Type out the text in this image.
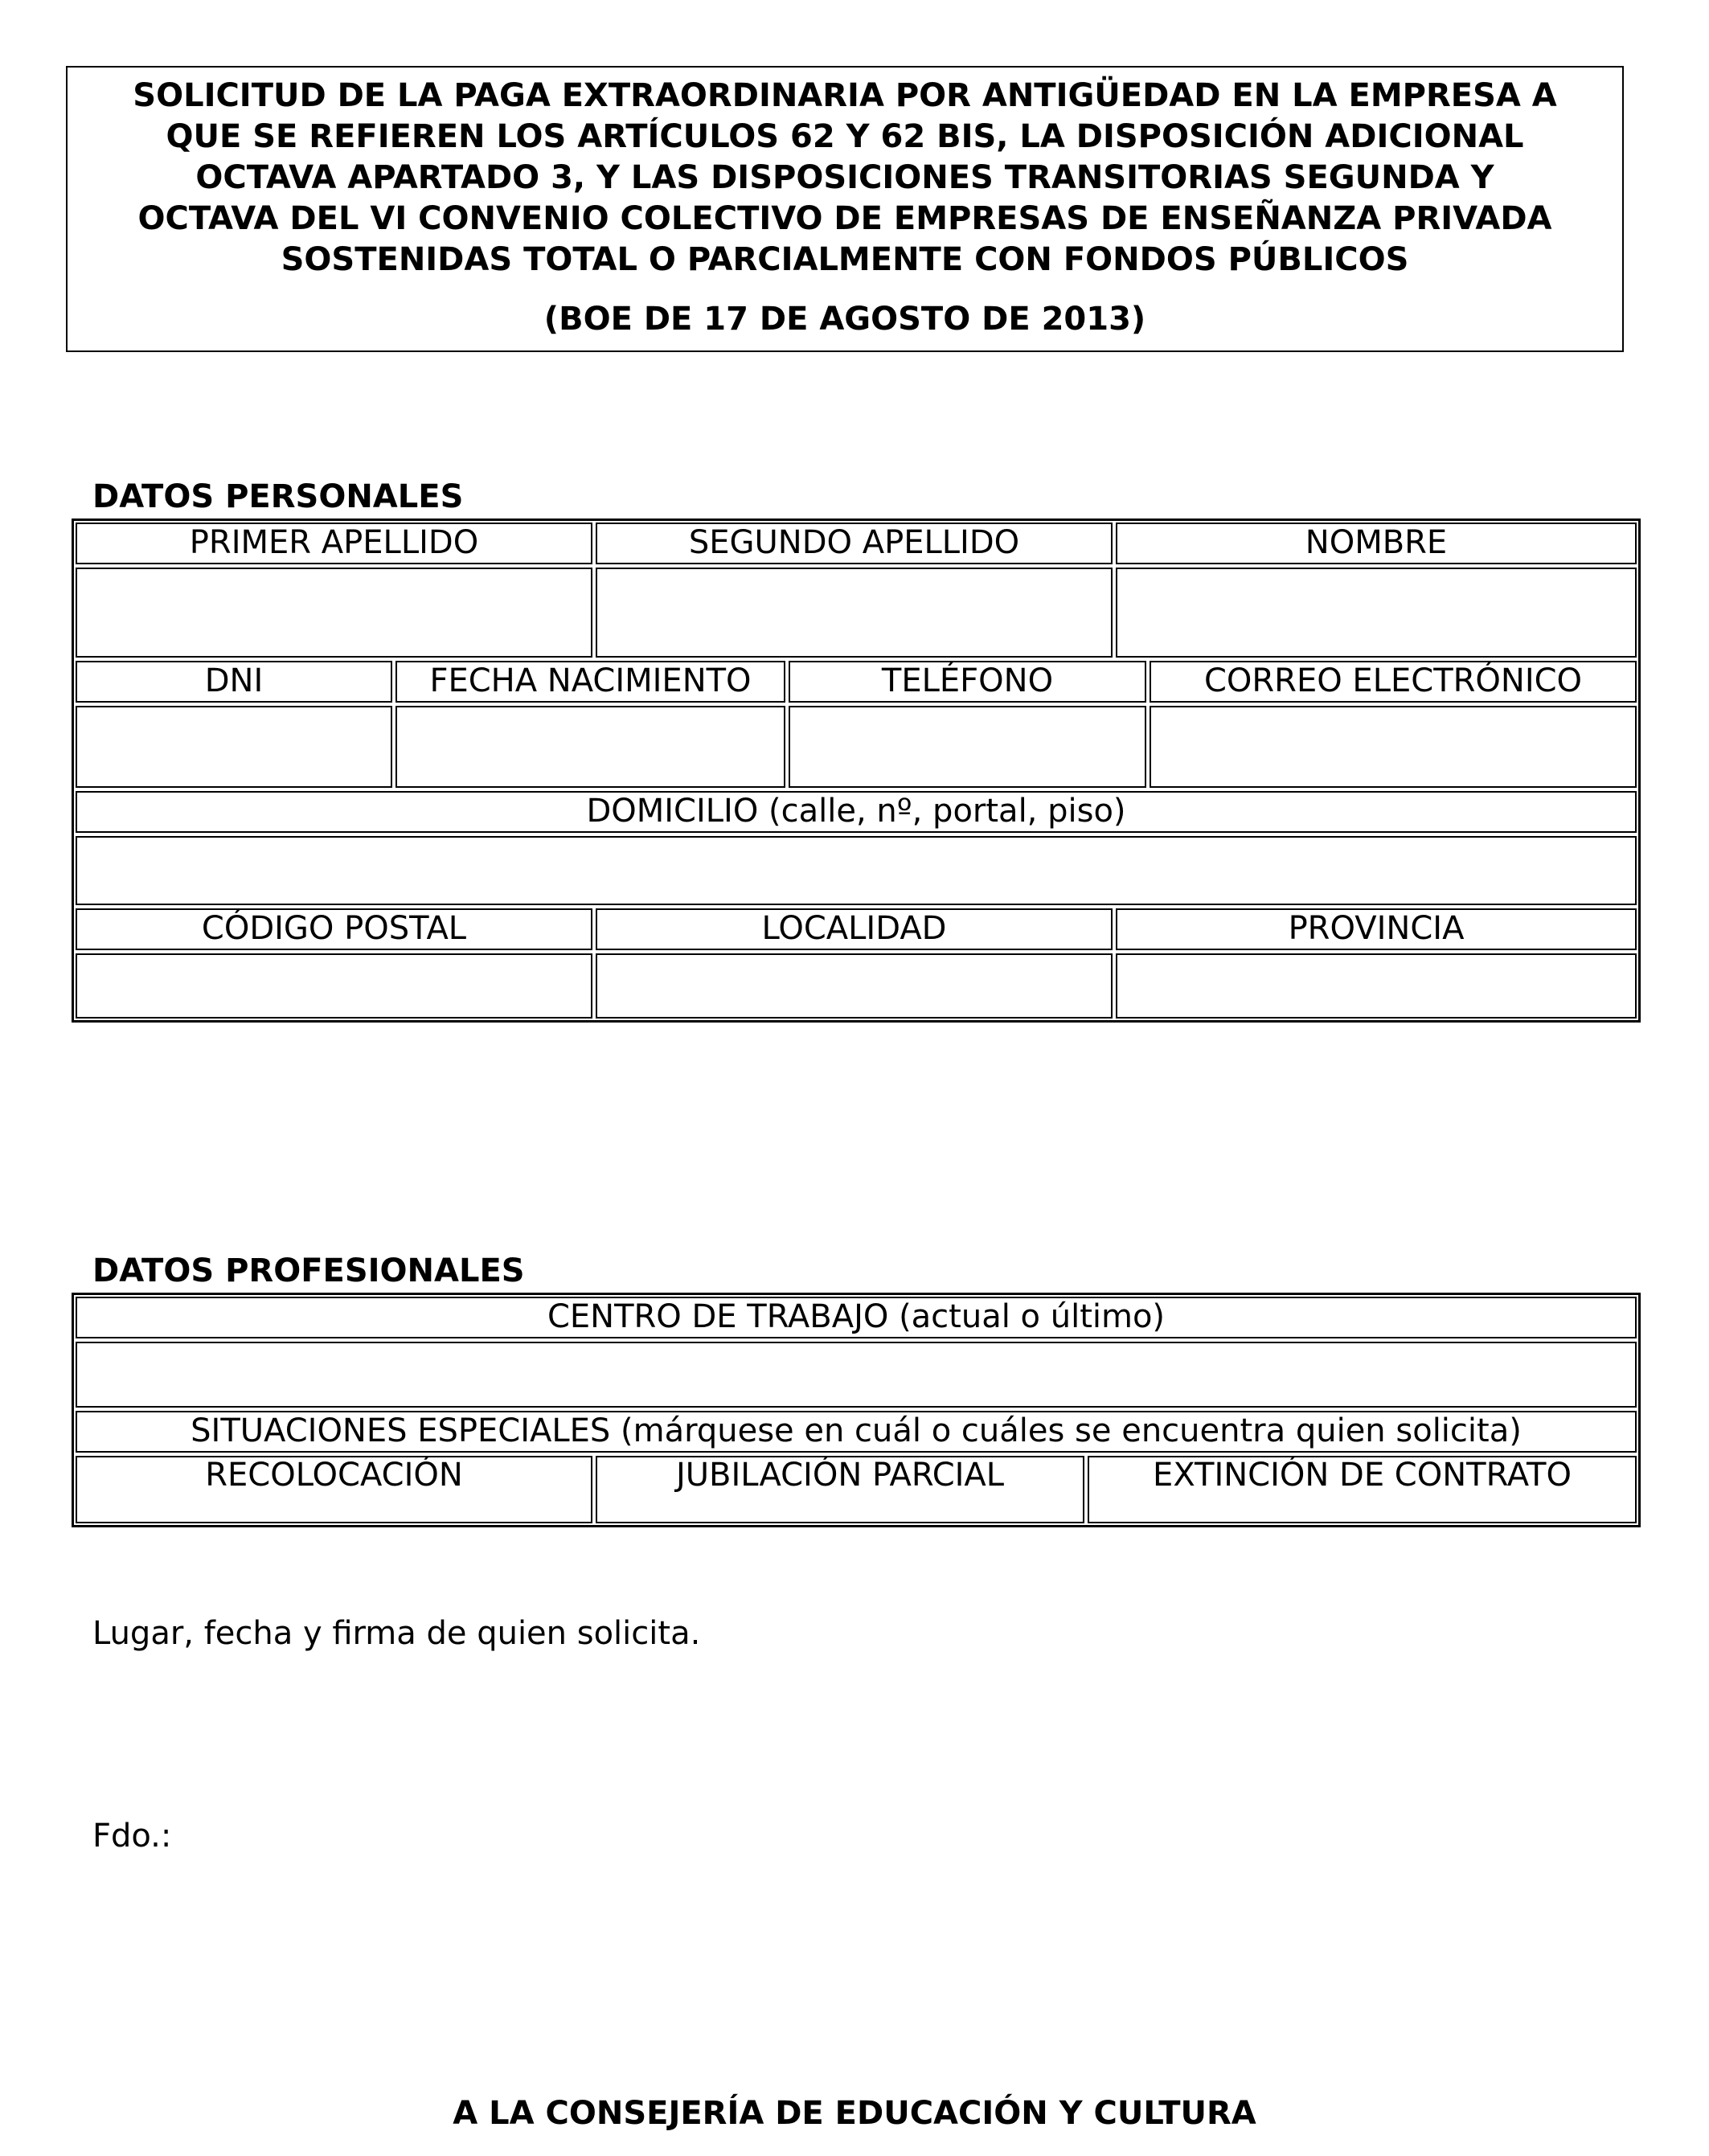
SOLICITUD DE LA PAGA EXTRAORDINARIA POR ANTIGÜEDAD EN LA EMPRESA A
QUE SE REFIEREN LOS ARTÍCULOS 62 Y 62 BIS, LA DISPOSICIÓN ADICIONAL
OCTAVA APARTADO 3, Y LAS DISPOSICIONES TRANSITORIAS SEGUNDA Y
OCTAVA DEL VI CONVENIO COLECTIVO DE EMPRESAS DE ENSEÑANZA PRIVADA
SOSTENIDAS TOTAL O PARCIALMENTE CON FONDOS PÚBLICOS
(BOE DE 17 DE AGOSTO DE 2013)
DATOS PERSONALES
PRIMER APELLIDO	SEGUNDO APELLIDO	NOMBRE
DNI	FECHA NACIMIENTO	TELÉFONO	CORREO ELECTRÓNICO
DOMICILIO (calle, nº, portal, piso)
CÓDIGO POSTAL	LOCALIDAD	PROVINCIA
DATOS PROFESIONALES
CENTRO DE TRABAJO (actual o último)
SITUACIONES ESPECIALES (márquese en cuál o cuáles se encuentra quien solicita)
RECOLOCACIÓN	JUBILACIÓN PARCIAL	EXTINCIÓN DE CONTRATO
Lugar, fecha y firma de quien solicita.
Fdo.:
A LA CONSEJERÍA DE EDUCACIÓN Y CULTURA
